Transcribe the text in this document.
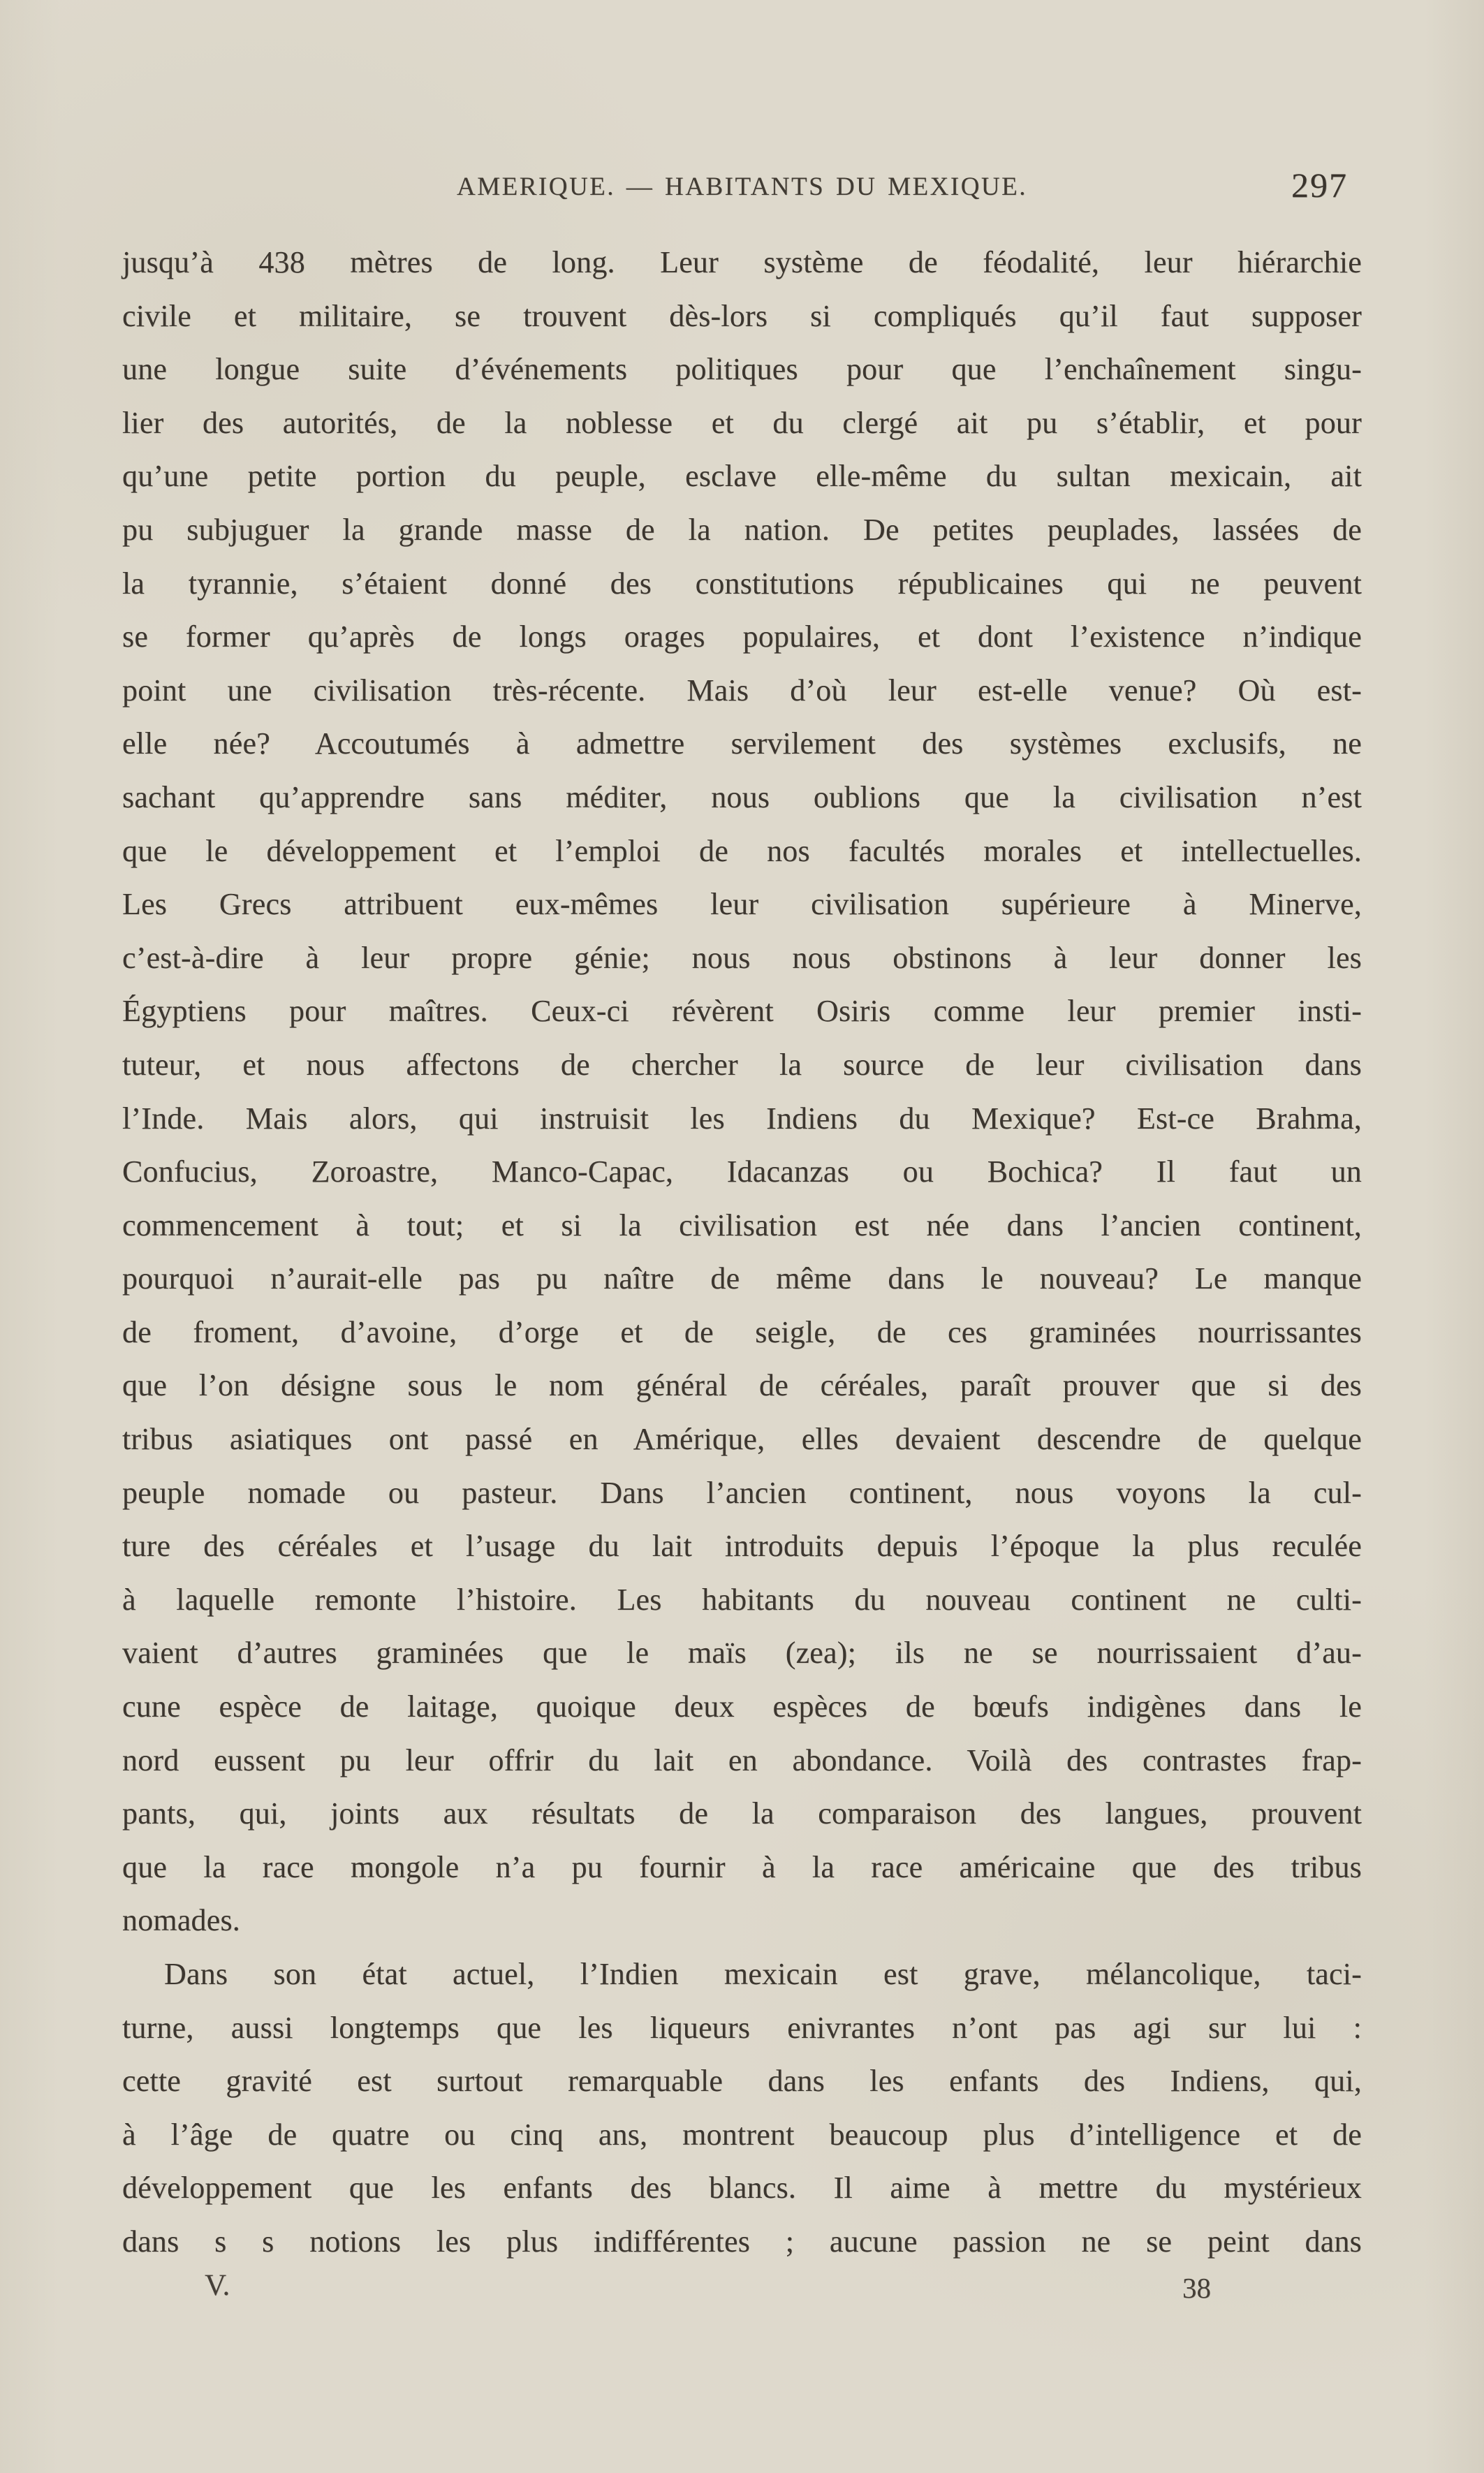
AMERIQUE. — HABITANTS DU MEXIQUE.	297
jusqu’à 438 mètres de long. Leur système de féodalité, leur hiérarchie
civile et militaire, se trouvent dès-lors si compliqués qu’il faut supposer
une longue suite d’événements politiques pour que l’enchaînement singu-
lier des autorités, de la noblesse et du clergé ait pu s’établir, et pour
qu’une petite portion du peuple, esclave elle-même du sultan mexicain, ait
pu subjuguer la grande masse de la nation. De petites peuplades, lassées de
la tyrannie, s’étaient donné des constitutions républicaines qui ne peuvent
se former qu’après de longs orages populaires, et dont l’existence n’indique
point une civilisation très-récente. Mais d’où leur est-elle venue? Où est-
elle née? Accoutumés à admettre servilement des systèmes exclusifs, ne
sachant qu’apprendre sans méditer, nous oublions que la civilisation n’est
que le développement et l’emploi de nos facultés morales et intellectuelles.
Les Grecs attribuent eux-mêmes leur civilisation supérieure à Minerve,
c’est-à-dire à leur propre génie; nous nous obstinons à leur donner les
Égyptiens pour maîtres. Ceux-ci révèrent Osiris comme leur premier insti-
tuteur, et nous affectons de chercher la source de leur civilisation dans
l’Inde. Mais alors, qui instruisit les Indiens du Mexique? Est-ce Brahma,
Confucius, Zoroastre, Manco-Capac, Idacanzas ou Bochica? Il faut un
commencement à tout; et si la civilisation est née dans l’ancien continent,
pourquoi n’aurait-elle pas pu naître de même dans le nouveau? Le manque
de froment, d’avoine, d’orge et de seigle, de ces graminées nourrissantes
que l’on désigne sous le nom général de céréales, paraît prouver que si des
tribus asiatiques ont passé en Amérique, elles devaient descendre de quelque
peuple nomade ou pasteur. Dans l’ancien continent, nous voyons la cul-
ture des céréales et l’usage du lait introduits depuis l’époque la plus reculée
à laquelle remonte l’histoire. Les habitants du nouveau continent ne culti-
vaient d’autres graminées que le maïs (zea); ils ne se nourrissaient d’au-
cune espèce de laitage, quoique deux espèces de bœufs indigènes dans le
nord eussent pu leur offrir du lait en abondance. Voilà des contrastes frap-
pants, qui, joints aux résultats de la comparaison des langues, prouvent
que la race mongole n’a pu fournir à la race américaine que des tribus
nomades.
Dans son état actuel, l’Indien mexicain est grave, mélancolique, taci-
turne, aussi longtemps que les liqueurs enivrantes n’ont pas agi sur lui :
cette gravité est surtout remarquable dans les enfants des Indiens, qui,
à l’âge de quatre ou cinq ans, montrent beaucoup plus d’intelligence et de
développement que les enfants des blancs. Il aime à mettre du mystérieux
dans s s notions les plus indifférentes ; aucune passion ne se peint dans
V.	38
